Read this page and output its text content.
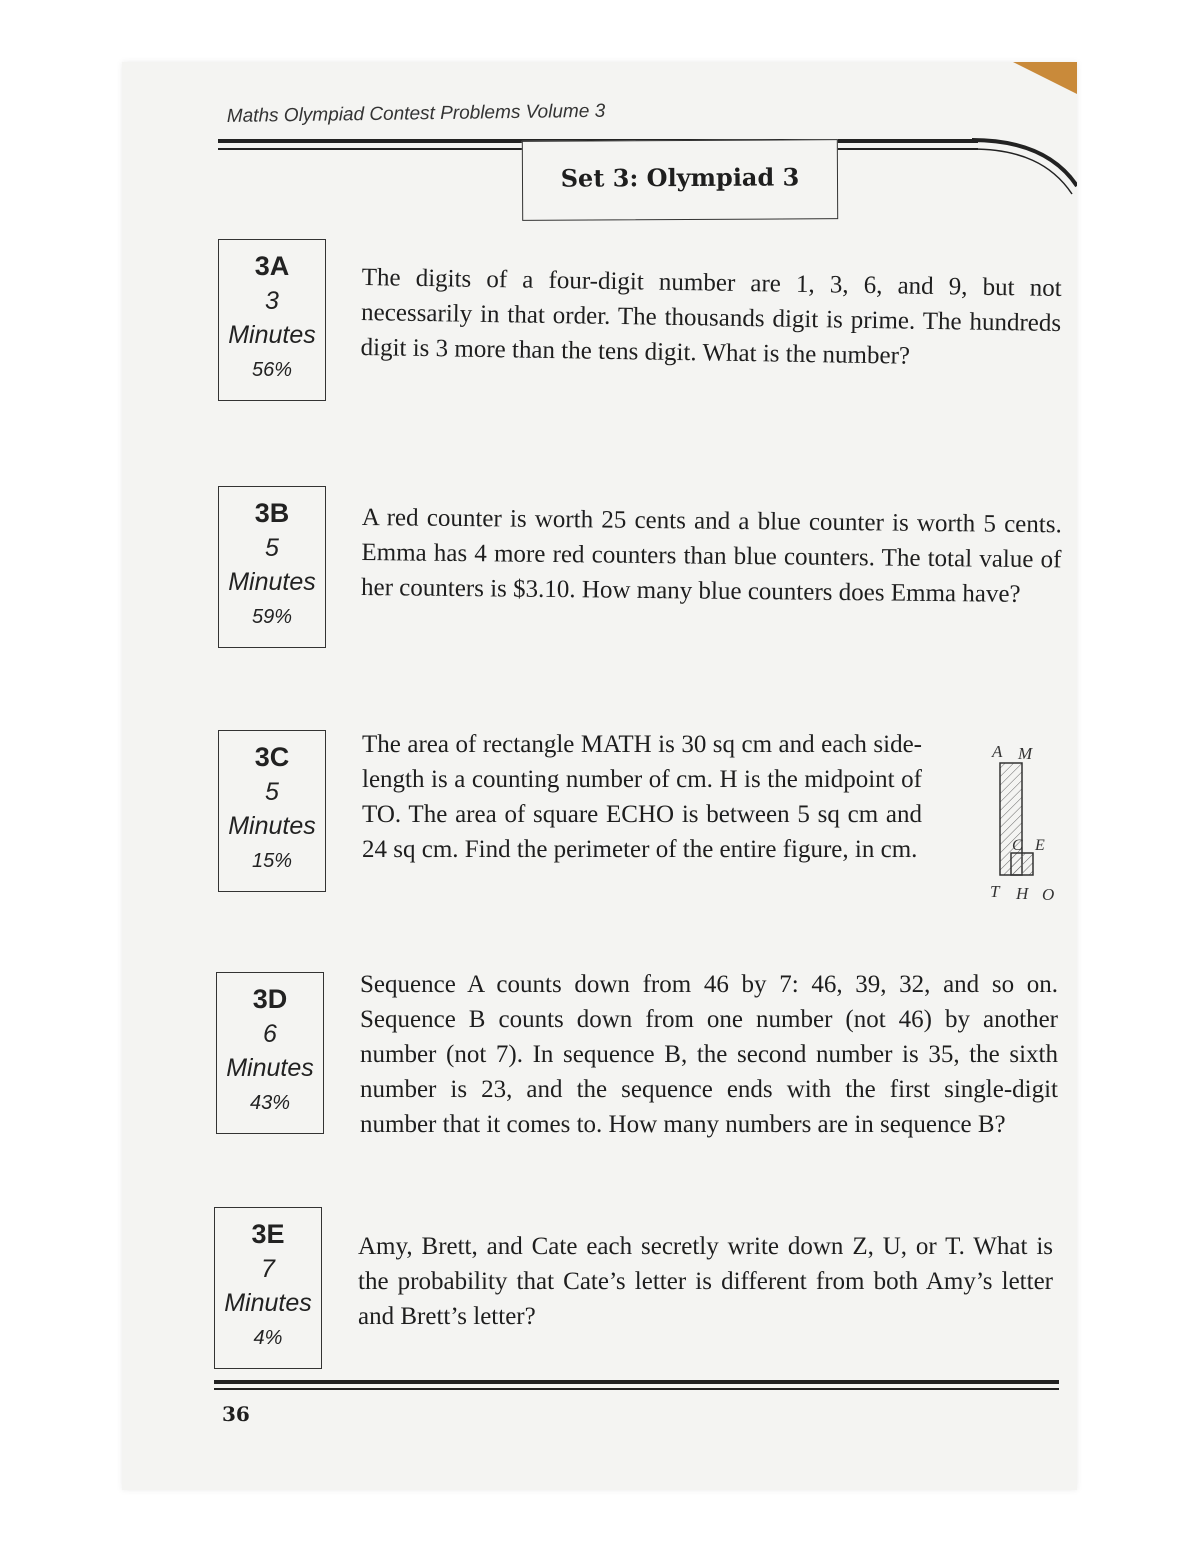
Maths Olympiad Contest Problems Volume 3
Set 3: Olympiad 3
3A
3
Minutes
56%
The digits of a four-digit number are 1, 3, 6, and 9, but not necessarily in that order. The thousands digit is prime. The hundreds digit is 3 more than the tens digit. What is the number?
3B
5
Minutes
59%
A red counter is worth 25 cents and a blue counter is worth 5 cents. Emma has 4 more red counters than blue counters. The total value of her counters is $3.10. How many blue counters does Emma have?
3C
5
Minutes
15%
The area of rectangle MATH is 30 sq cm and each side-length is a counting number of cm. H is the midpoint of TO. The area of square ECHO is between 5 sq cm and 24 sq cm. Find the perimeter of the entire figure, in cm.
A M
C E
T H O
3D
6
Minutes
43%
Sequence A counts down from 46 by 7: 46, 39, 32, and so on. Sequence B counts down from one number (not 46) by another number (not 7). In sequence B, the second number is 35, the sixth number is 23, and the sequence ends with the first single-digit number that it comes to. How many numbers are in sequence B?
3E
7
Minutes
4%
Amy, Brett, and Cate each secretly write down Z, U, or T. What is the probability that Cate’s letter is different from both Amy’s letter and Brett’s letter?
36
